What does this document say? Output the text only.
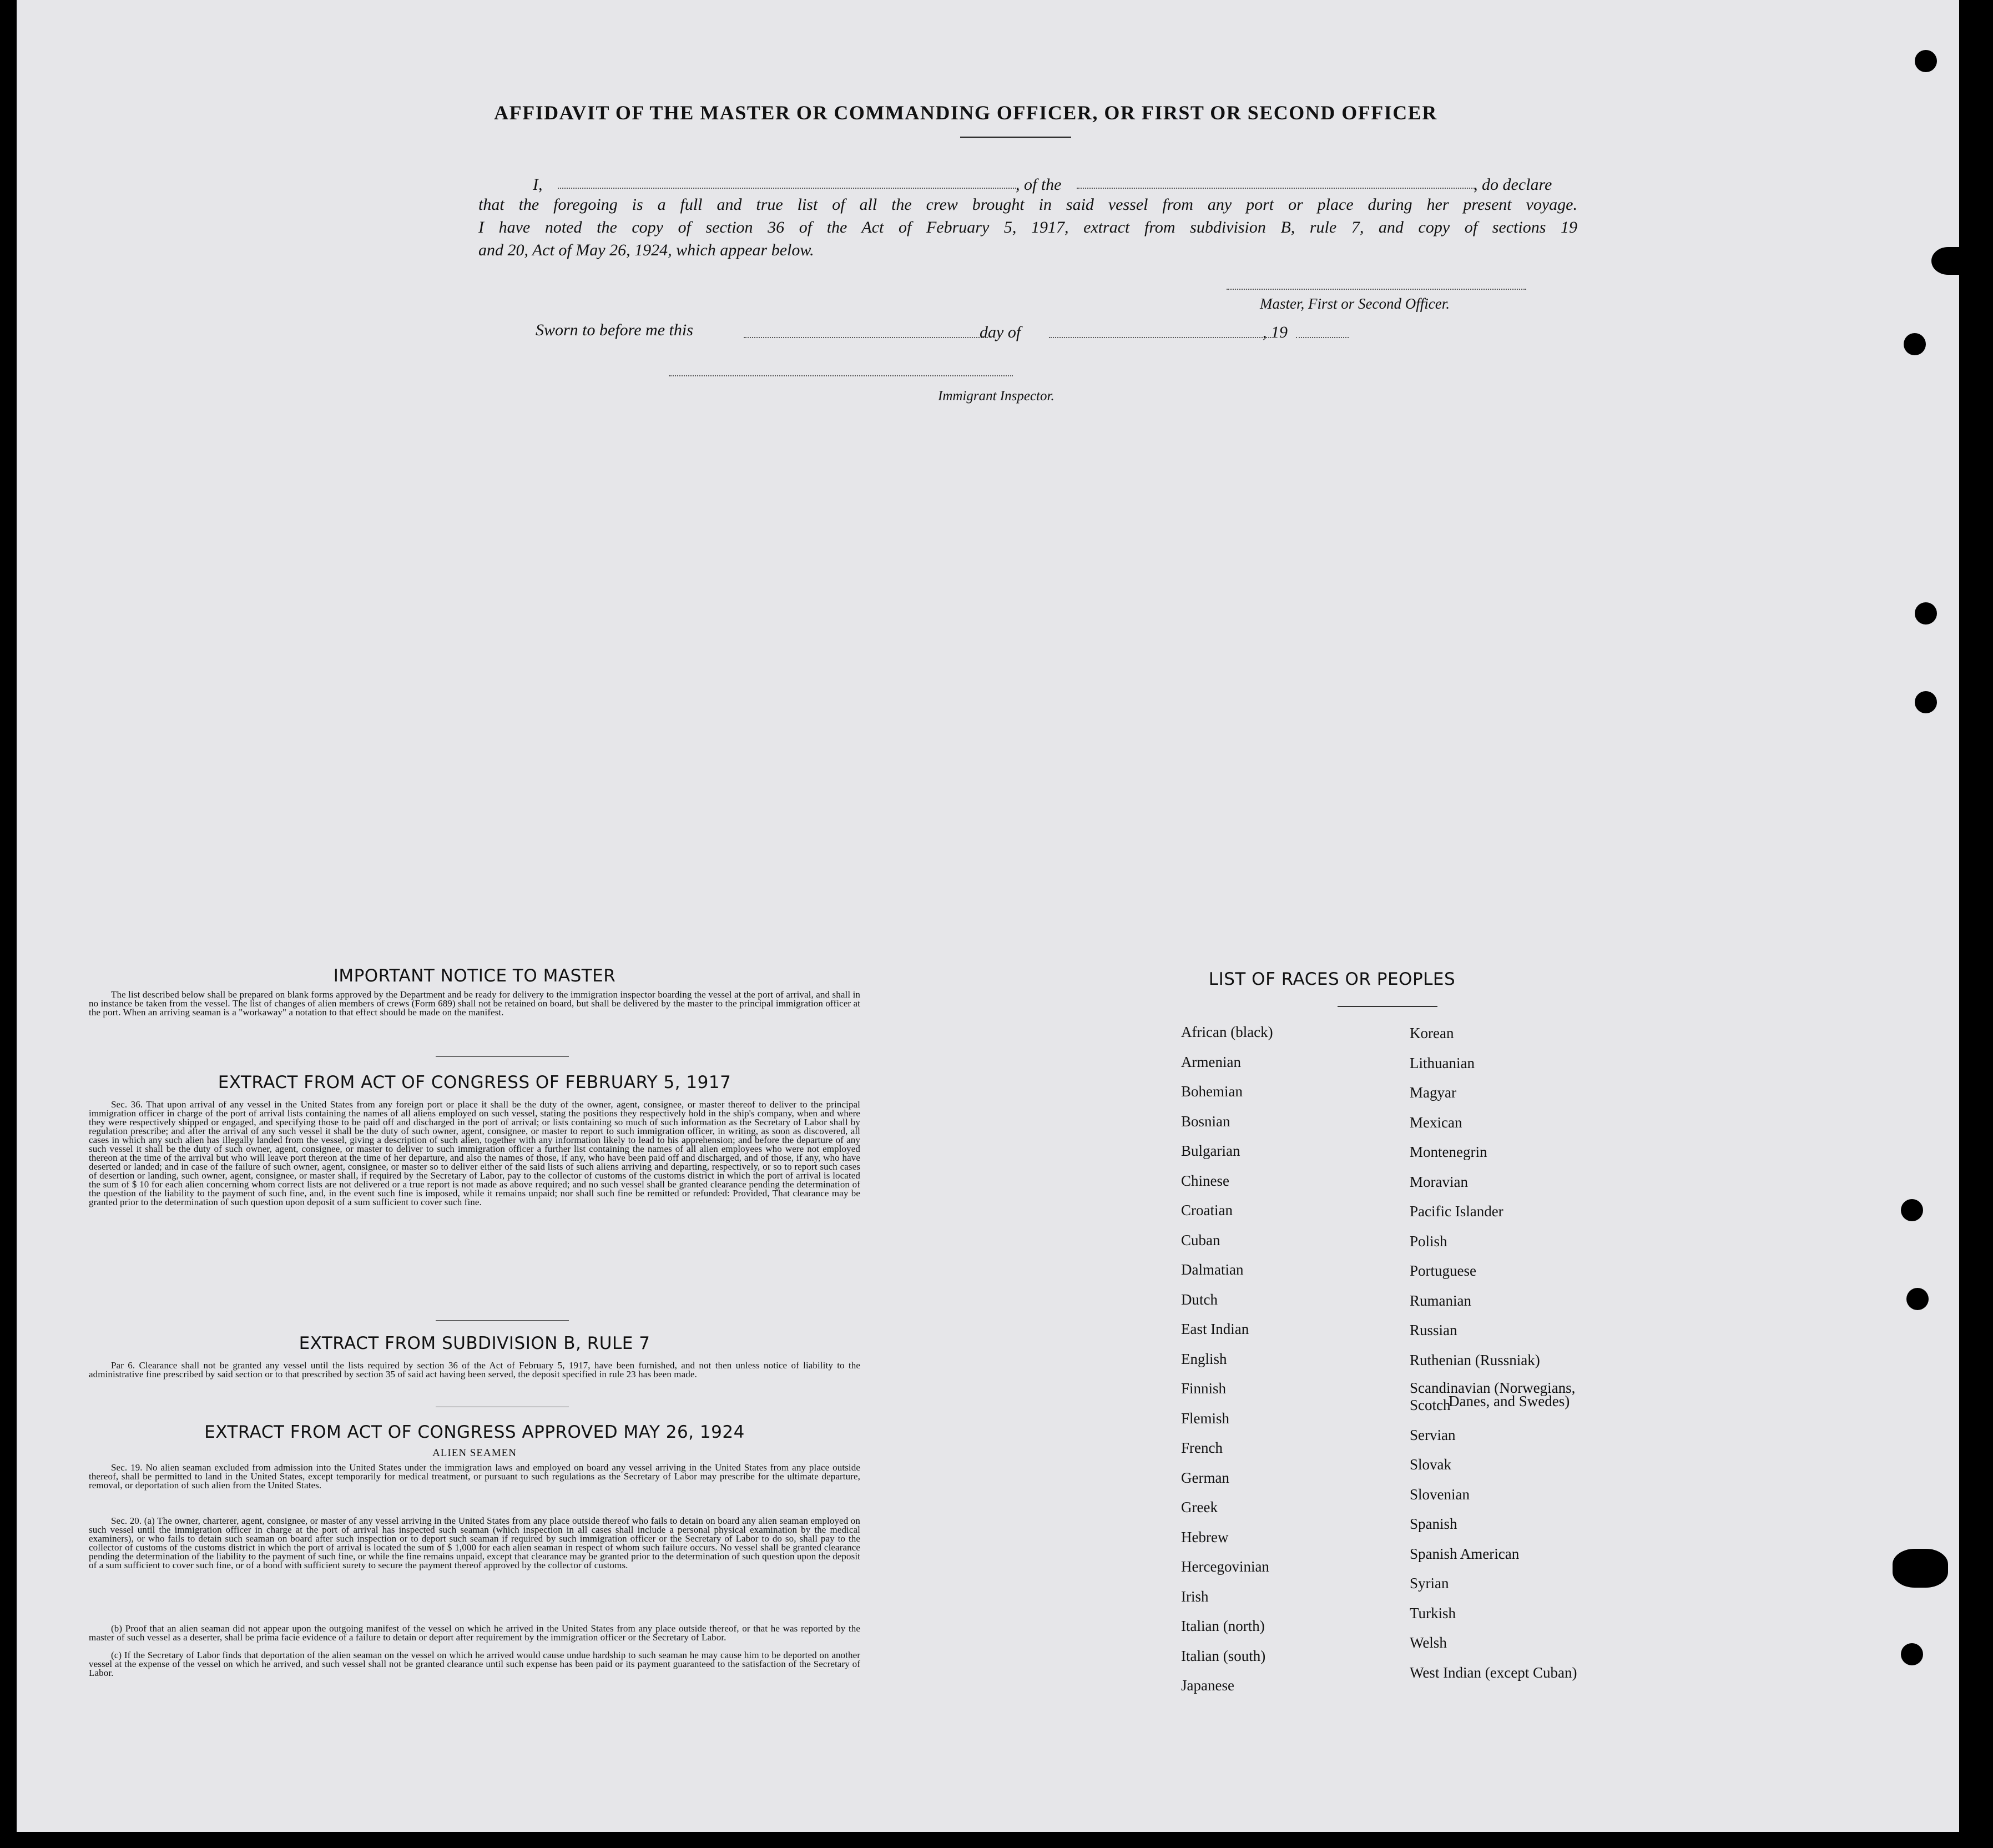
AFFIDAVIT OF THE MASTER OR COMMANDING OFFICER, OR FIRST OR SECOND OFFICER
I,	, of the	, do declare
that the foregoing is a full and true list of all the crew brought in said vessel from any port or place during her present voyage.
I have noted the copy of section 36 of the Act of February 5, 1917, extract from subdivision B, rule 7, and copy of sections 19
and 20, Act of May 26, 1924, which appear below.
Master, First or Second Officer.
Sworn to before me this	day of	, 19
Immigrant Inspector.
IMPORTANT NOTICE TO MASTER
The list described below shall be prepared on blank forms approved by the Department and be ready for delivery to the immigration inspector boarding the vessel at the port of arrival, and shall in no instance be taken from the vessel. The list of changes of alien members of crews (Form 689) shall not be retained on board, but shall be delivered by the master to the principal immigration officer at the port. When an arriving seaman is a "workaway" a notation to that effect should be made on the manifest.
EXTRACT FROM ACT OF CONGRESS OF FEBRUARY 5, 1917
Sec. 36. That upon arrival of any vessel in the United States from any foreign port or place it shall be the duty of the owner, agent, consignee, or master thereof to deliver to the principal immigration officer in charge of the port of arrival lists containing the names of all aliens employed on such vessel, stating the positions they respectively hold in the ship's company, when and where they were respectively shipped or engaged, and specifying those to be paid off and discharged in the port of arrival; or lists containing so much of such information as the Secretary of Labor shall by regulation prescribe; and after the arrival of any such vessel it shall be the duty of such owner, agent, consignee, or master to report to such immigration officer, in writing, as soon as discovered, all cases in which any such alien has illegally landed from the vessel, giving a description of such alien, together with any information likely to lead to his apprehension; and before the departure of any such vessel it shall be the duty of such owner, agent, consignee, or master to deliver to such immigration officer a further list containing the names of all alien employees who were not employed thereon at the time of the arrival but who will leave port thereon at the time of her departure, and also the names of those, if any, who have been paid off and discharged, and of those, if any, who have deserted or landed; and in case of the failure of such owner, agent, consignee, or master so to deliver either of the said lists of such aliens arriving and departing, respectively, or so to report such cases of desertion or landing, such owner, agent, consignee, or master shall, if required by the Secretary of Labor, pay to the collector of customs of the customs district in which the port of arrival is located the sum of $ 10 for each alien concerning whom correct lists are not delivered or a true report is not made as above required; and no such vessel shall be granted clearance pending the determination of the question of the liability to the payment of such fine, and, in the event such fine is imposed, while it remains unpaid; nor shall such fine be remitted or refunded: Provided, That clearance may be granted prior to the determination of such question upon deposit of a sum sufficient to cover such fine.
EXTRACT FROM SUBDIVISION B, RULE 7
Par 6. Clearance shall not be granted any vessel until the lists required by section 36 of the Act of February 5, 1917, have been furnished, and not then unless notice of liability to the administrative fine prescribed by said section or to that prescribed by section 35 of said act having been served, the deposit specified in rule 23 has been made.
EXTRACT FROM ACT OF CONGRESS APPROVED MAY 26, 1924
ALIEN SEAMEN
Sec. 19. No alien seaman excluded from admission into the United States under the immigration laws and employed on board any vessel arriving in the United States from any place outside thereof, shall be permitted to land in the United States, except temporarily for medical treatment, or pursuant to such regulations as the Secretary of Labor may prescribe for the ultimate departure, removal, or deportation of such alien from the United States.
Sec. 20. (a) The owner, charterer, agent, consignee, or master of any vessel arriving in the United States from any place outside thereof who fails to detain on board any alien seaman employed on such vessel until the immigration officer in charge at the port of arrival has inspected such seaman (which inspection in all cases shall include a personal physical examination by the medical examiners), or who fails to detain such seaman on board after such inspection or to deport such seaman if required by such immigration officer or the Secretary of Labor to do so, shall pay to the collector of customs of the customs district in which the port of arrival is located the sum of $ 1,000 for each alien seaman in respect of whom such failure occurs. No vessel shall be granted clearance pending the determination of the liability to the payment of such fine, or while the fine remains unpaid, except that clearance may be granted prior to the determination of such question upon the deposit of a sum sufficient to cover such fine, or of a bond with sufficient surety to secure the payment thereof approved by the collector of customs.
(b) Proof that an alien seaman did not appear upon the outgoing manifest of the vessel on which he arrived in the United States from any place outside thereof, or that he was reported by the master of such vessel as a deserter, shall be prima facie evidence of a failure to detain or deport after requirement by the immigration officer or the Secretary of Labor.
(c) If the Secretary of Labor finds that deportation of the alien seaman on the vessel on which he arrived would cause undue hardship to such seaman he may cause him to be deported on another vessel at the expense of the vessel on which he arrived, and such vessel shall not be granted clearance until such expense has been paid or its payment guaranteed to the satisfaction of the Secretary of Labor.
LIST OF RACES OR PEOPLES
African (black)
Armenian
Bohemian
Bosnian
Bulgarian
Chinese
Croatian
Cuban
Dalmatian
Dutch
East Indian
English
Finnish
Flemish
French
German
Greek
Hebrew
Hercegovinian
Irish
Italian (north)
Italian (south)
Japanese
Korean
Lithuanian
Magyar
Mexican
Montenegrin
Moravian
Pacific Islander
Polish
Portuguese
Rumanian
Russian
Ruthenian (Russniak)
Scandinavian (Norwegians,
Danes, and Swedes)
Scotch
Servian
Slovak
Slovenian
Spanish
Spanish American
Syrian
Turkish
Welsh
West Indian (except Cuban)
